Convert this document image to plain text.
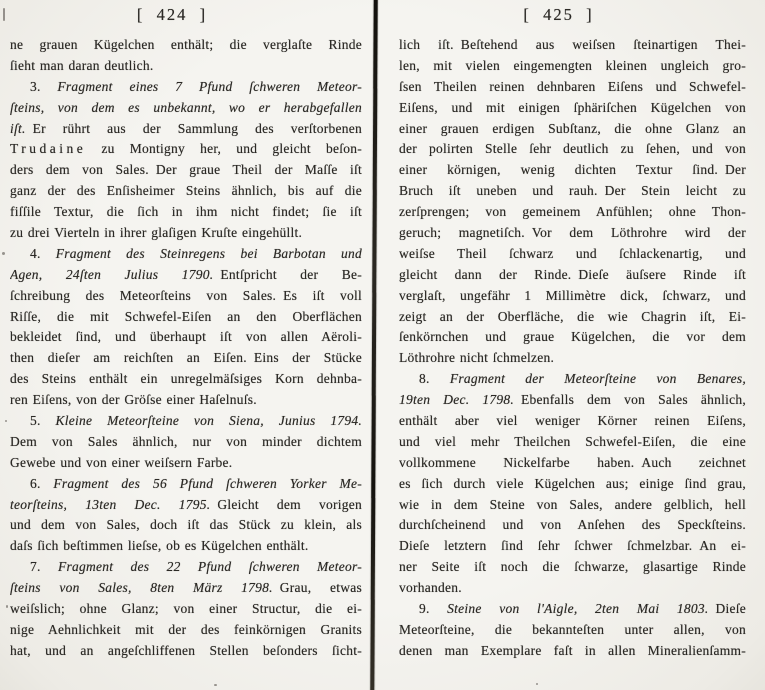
[  424  ]	[  425  ]
ne grauen Kügelchen enthält; die verglaſte Rinde
ſieht man daran deutlich.
3. Fragment eines 7 Pfund ſchweren Meteor-
ſteins, von dem es unbekannt, wo er herabgefallen
iſt. Er rührt aus der Sammlung des verſtorbenen
Trudaine zu Montigny her, und gleicht beſon-
ders dem von Sales. Der graue Theil der Maſſe iſt
ganz der des Enſisheimer Steins ähnlich, bis auf die
fiſſile Textur, die ſich in ihm nicht findet; ſie iſt
zu drei Vierteln in ihrer glaſigen Kruſte eingehüllt.
4. Fragment des Steinregens bei Barbotan und
Agen, 24ſten Julius 1790. Entſpricht der Be-
ſchreibung des Meteorſteins von Sales. Es iſt voll
Riſſe, die mit Schwefel-Eiſen an den Oberflächen
bekleidet ſind, und überhaupt iſt von allen Aëroli-
then dieſer am reichſten an Eiſen. Eins der Stücke
des Steins enthält ein unregelmäſsiges Korn dehnba-
ren Eiſens, von der Gröſse einer Haſelnuſs.
5. Kleine Meteorſteine von Siena, Junius 1794.
Dem von Sales ähnlich, nur von minder dichtem
Gewebe und von einer weiſsern Farbe.
6. Fragment des 56 Pfund ſchweren Yorker Me-
teorſteins, 13ten Dec. 1795. Gleicht dem vorigen
und dem von Sales, doch iſt das Stück zu klein, als
daſs ſich beſtimmen lieſse, ob es Kügelchen enthält.
7. Fragment des 22 Pfund ſchweren Meteor-
ſteins von Sales, 8ten März 1798. Grau, etwas
weiſslich; ohne Glanz; von einer Structur, die ei-
nige Aehnlichkeit mit der des feinkörnigen Granits
hat, und an angeſchliffenen Stellen beſonders ſicht-
lich iſt. Beſtehend aus weiſsen ſteinartigen Thei-
len, mit vielen eingemengten kleinen ungleich gro-
ſsen Theilen reinen dehnbaren Eiſens und Schwefel-
Eiſens, und mit einigen ſphäriſchen Kügelchen von
einer grauen erdigen Subſtanz, die ohne Glanz an
der polirten Stelle ſehr deutlich zu ſehen, und von
einer körnigen, wenig dichten Textur ſind. Der
Bruch iſt uneben und rauh. Der Stein leicht zu
zerſprengen; von gemeinem Anfühlen; ohne Thon-
geruch; magnetiſch. Vor dem Löthrohre wird der
weiſse Theil ſchwarz und ſchlackenartig, und
gleicht dann der Rinde. Dieſe äuſsere Rinde iſt
verglaſt, ungefähr 1 Millimètre dick, ſchwarz, und
zeigt an der Oberfläche, die wie Chagrin iſt, Ei-
ſenkörnchen und graue Kügelchen, die vor dem
Löthrohre nicht ſchmelzen.
8. Fragment der Meteorſteine von Benares,
19ten Dec. 1798. Ebenfalls dem von Sales ähnlich,
enthält aber viel weniger Körner reinen Eiſens,
und viel mehr Theilchen Schwefel-Eiſen, die eine
vollkommene Nickelfarbe haben. Auch zeichnet
es ſich durch viele Kügelchen aus; einige ſind grau,
wie in dem Steine von Sales, andere gelblich, hell
durchſcheinend und von Anſehen des Speckſteins.
Dieſe letztern ſind ſehr ſchwer ſchmelzbar. An ei-
ner Seite iſt noch die ſchwarze, glasartige Rinde
vorhanden.
9. Steine von l'Aigle, 2ten Mai 1803. Dieſe
Meteorſteine, die bekannteſten unter allen, von
denen man Exemplare faſt in allen Mineralienſamm-
